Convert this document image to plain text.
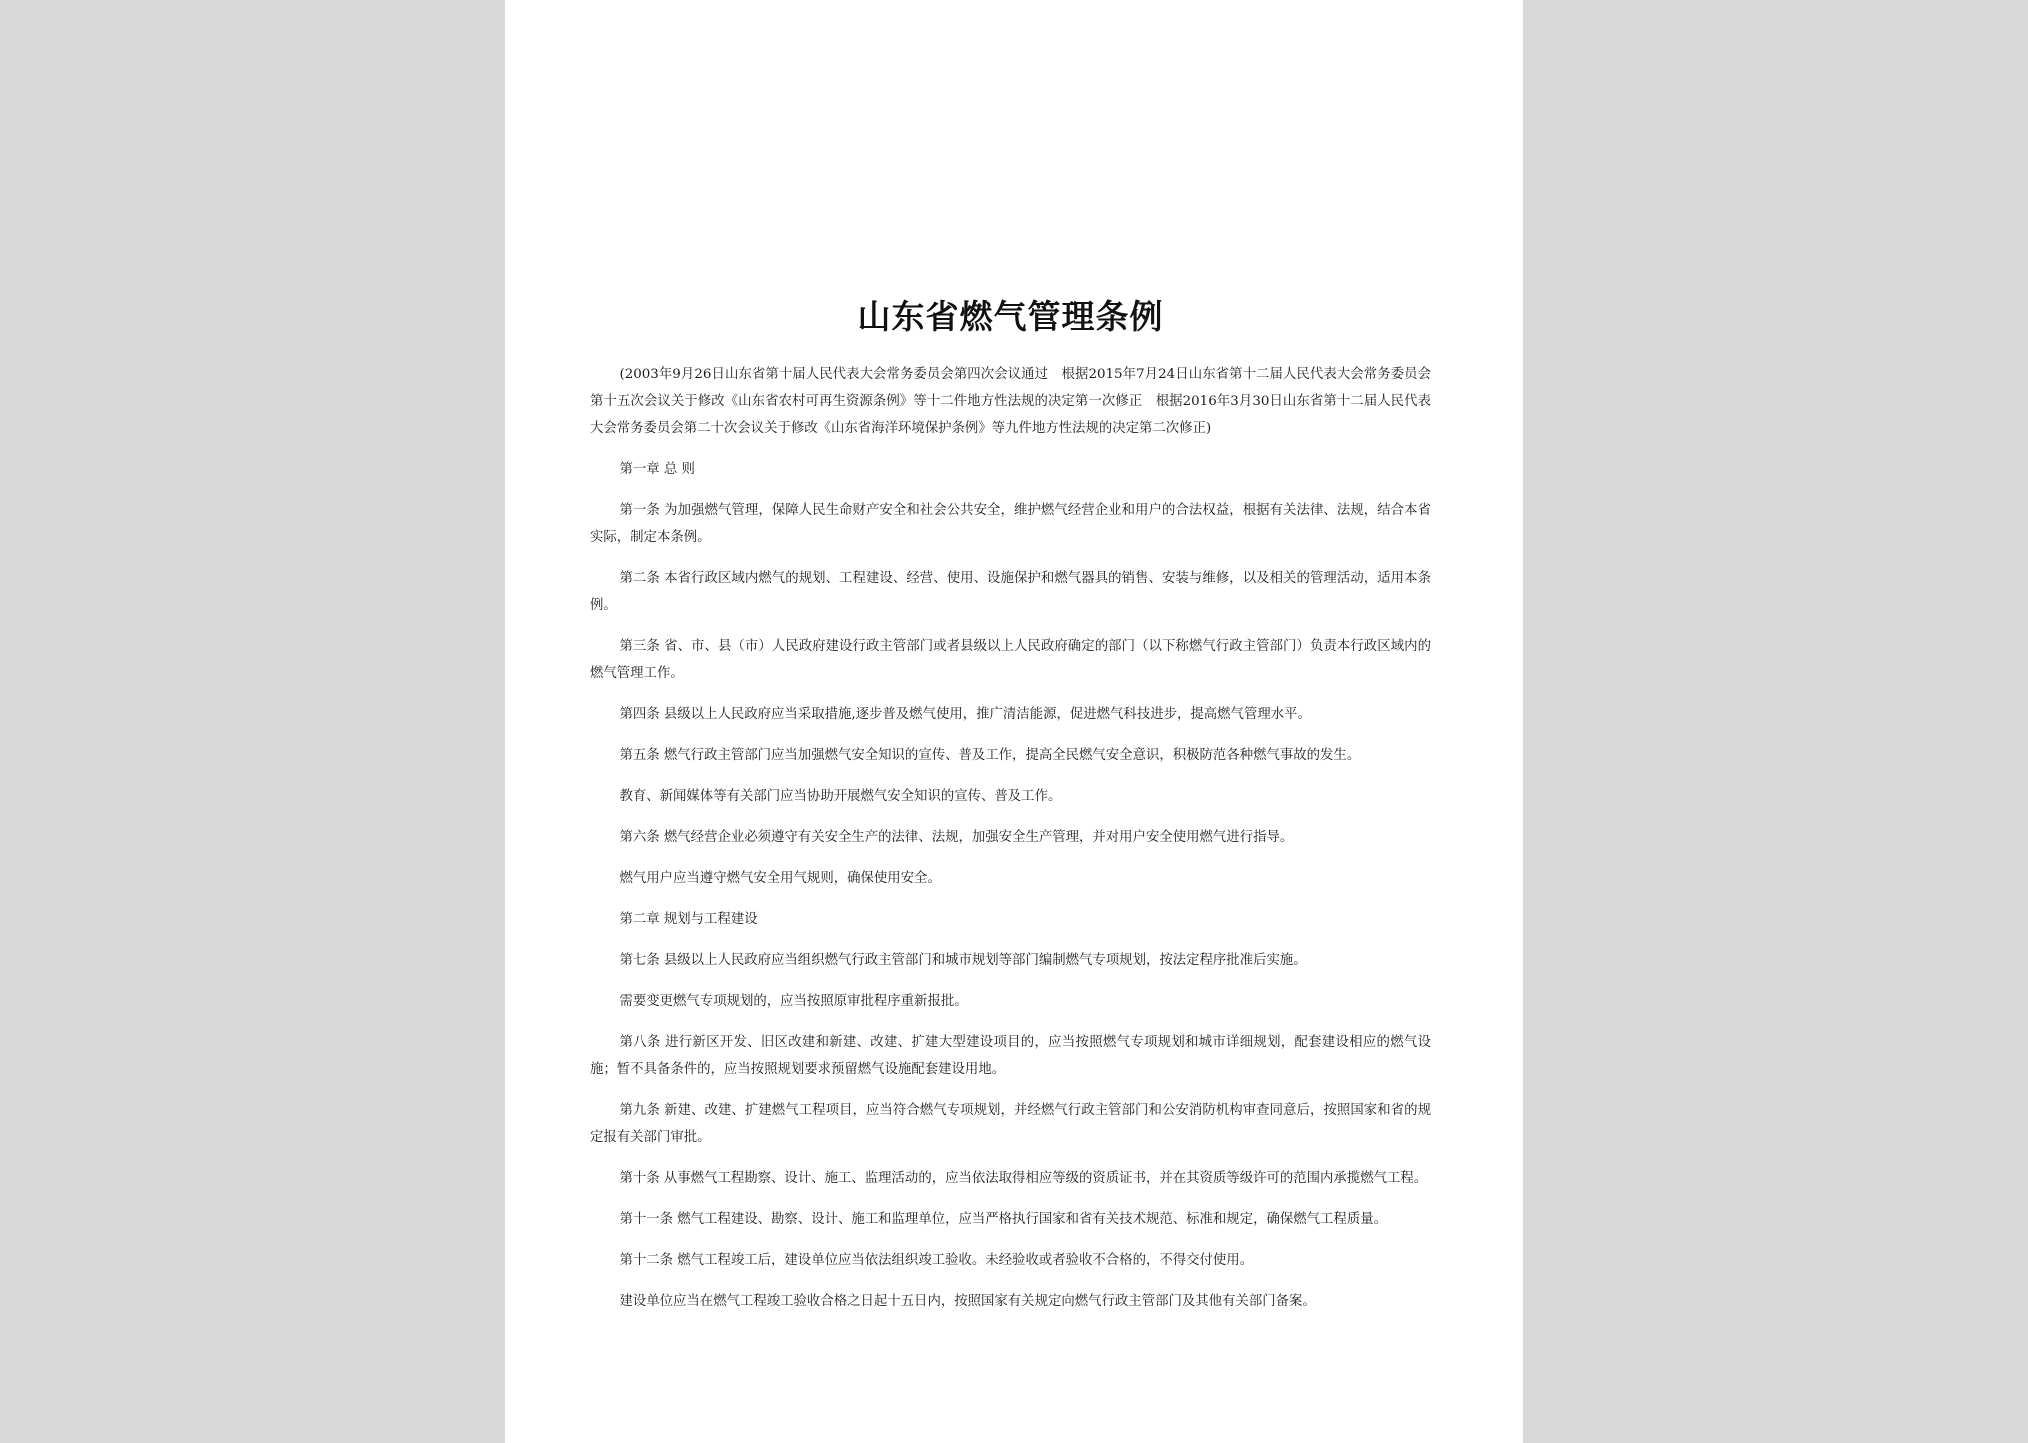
山东省燃气管理条例

(2003年9月26日山东省第十届人民代表大会常务委员会第四次会议通过　根据2015年7月24日山东省第十二届人民代表大会常务委员会第十五次会议关于修改《山东省农村可再生资源条例》等十二件地方性法规的决定第一次修正　根据2016年3月30日山东省第十二届人民代表大会常务委员会第二十次会议关于修改《山东省海洋环境保护条例》等九件地方性法规的决定第二次修正)

第一章 总 则

第一条 为加强燃气管理，保障人民生命财产安全和社会公共安全，维护燃气经营企业和用户的合法权益，根据有关法律、法规，结合本省实际，制定本条例。

第二条 本省行政区域内燃气的规划、工程建设、经营、使用、设施保护和燃气器具的销售、安装与维修，以及相关的管理活动，适用本条例。

第三条 省、市、县（市）人民政府建设行政主管部门或者县级以上人民政府确定的部门（以下称燃气行政主管部门）负责本行政区域内的燃气管理工作。

第四条 县级以上人民政府应当采取措施,逐步普及燃气使用，推广清洁能源，促进燃气科技进步，提高燃气管理水平。

第五条 燃气行政主管部门应当加强燃气安全知识的宣传、普及工作，提高全民燃气安全意识，积极防范各种燃气事故的发生。

教育、新闻媒体等有关部门应当协助开展燃气安全知识的宣传、普及工作。

第六条 燃气经营企业必须遵守有关安全生产的法律、法规，加强安全生产管理，并对用户安全使用燃气进行指导。

燃气用户应当遵守燃气安全用气规则，确保使用安全。

第二章 规划与工程建设

第七条 县级以上人民政府应当组织燃气行政主管部门和城市规划等部门编制燃气专项规划，按法定程序批准后实施。

需要变更燃气专项规划的，应当按照原审批程序重新报批。

第八条 进行新区开发、旧区改建和新建、改建、扩建大型建设项目的，应当按照燃气专项规划和城市详细规划，配套建设相应的燃气设施；暂不具备条件的，应当按照规划要求预留燃气设施配套建设用地。

第九条 新建、改建、扩建燃气工程项目，应当符合燃气专项规划，并经燃气行政主管部门和公安消防机构审查同意后，按照国家和省的规定报有关部门审批。

第十条 从事燃气工程勘察、设计、施工、监理活动的，应当依法取得相应等级的资质证书，并在其资质等级许可的范围内承揽燃气工程。

第十一条 燃气工程建设、勘察、设计、施工和监理单位，应当严格执行国家和省有关技术规范、标准和规定，确保燃气工程质量。

第十二条 燃气工程竣工后，建设单位应当依法组织竣工验收。未经验收或者验收不合格的，不得交付使用。

建设单位应当在燃气工程竣工验收合格之日起十五日内，按照国家有关规定向燃气行政主管部门及其他有关部门备案。
